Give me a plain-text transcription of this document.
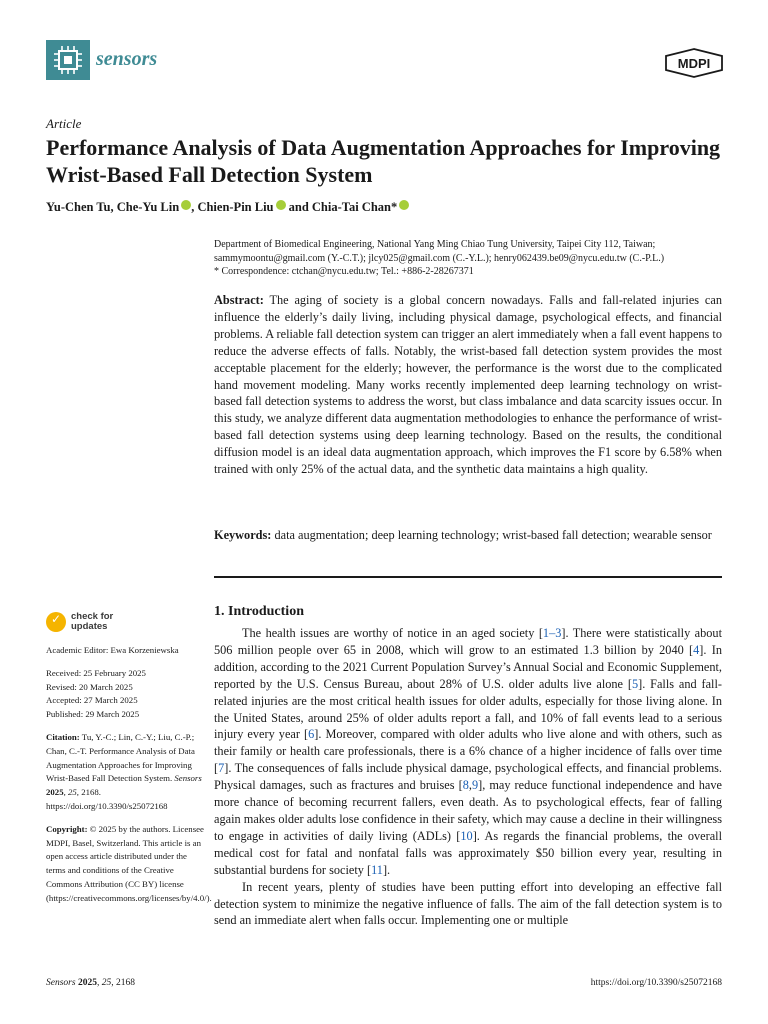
sensors	MDPI
Article
Performance Analysis of Data Augmentation Approaches for Improving Wrist-Based Fall Detection System
Yu-Chen Tu, Che-Yu Lin , Chien-Pin Liu and Chia-Tai Chan*
Department of Biomedical Engineering, National Yang Ming Chiao Tung University, Taipei City 112, Taiwan;
sammymoontu@gmail.com (Y.-C.T.); jlcy025@gmail.com (C.-Y.L.); henry062439.be09@nycu.edu.tw (C.-P.L.)
* Correspondence: ctchan@nycu.edu.tw; Tel.: +886-2-28267371
Abstract: The aging of society is a global concern nowadays. Falls and fall-related injuries can influence the elderly’s daily living, including physical damage, psychological effects, and financial problems. A reliable fall detection system can trigger an alert immediately when a fall event happens to reduce the adverse effects of falls. Notably, the wrist-based fall detection system provides the most acceptable placement for the elderly; however, the performance is the worst due to the complicated hand movement modeling. Many works recently implemented deep learning technology on wrist-based fall detection systems to address the worst, but class imbalance and data scarcity issues occur. In this study, we analyze different data augmentation methodologies to enhance the performance of wrist-based fall detection systems using deep learning technology. Based on the results, the conditional diffusion model is an ideal data augmentation approach, which improves the F1 score by 6.58% when trained with only 25% of the actual data, and the synthetic data maintains a high quality.
Keywords: data augmentation; deep learning technology; wrist-based fall detection; wearable sensor
✓
check for
updates
Academic Editor: Ewa Korzeniewska
Received: 25 February 2025
Revised: 20 March 2025
Accepted: 27 March 2025
Published: 29 March 2025
Citation: Tu, Y.-C.; Lin, C.-Y.; Liu, C.-P.; Chan, C.-T. Performance Analysis of Data Augmentation Approaches for Improving Wrist-Based Fall Detection System. Sensors 2025, 25, 2168. https://doi.org/10.3390/s25072168
Copyright: © 2025 by the authors. Licensee MDPI, Basel, Switzerland. This article is an open access article distributed under the terms and conditions of the Creative Commons Attribution (CC BY) license (https://creativecommons.org/licenses/by/4.0/).
1. Introduction

The health issues are worthy of notice in an aged society [1–3]. There were statistically about 506 million people over 65 in 2008, which will grow to an estimated 1.3 billion by 2040 [4]. In addition, according to the 2021 Current Population Survey’s Annual Social and Economic Supplement, reported by the U.S. Census Bureau, about 28% of U.S. older adults live alone [5]. Falls and fall-related injuries are the most critical health issues for older adults, especially for those living alone. In the United States, around 25% of older adults report a fall, and 10% of fall events lead to a serious injury every year [6]. Moreover, compared with older adults who live alone and with others, such as their family or health care professionals, there is a 6% chance of a higher incidence of falls over time [7]. The consequences of falls include physical damage, psychological effects, and financial problems. Physical damages, such as fractures and bruises [8,9], may reduce functional independence and have more chance of becoming recurrent fallers, even death. As to psychological effects, fear of falling again makes older adults lose confidence in their safety, which may cause a decline in their willingness to engage in activities of daily living (ADLs) [10]. As regards the financial problems, the overall medical cost for fatal and nonfatal falls was approximately $50 billion every year, resulting in substantial burdens for society [11].

In recent years, plenty of studies have been putting effort into developing an effective fall detection system to minimize the negative influence of falls. The aim of the fall detection system is to send an immediate alert when falls occur. Implementing one or multiple

Sensors 2025, 25, 2168	https://doi.org/10.3390/s25072168
